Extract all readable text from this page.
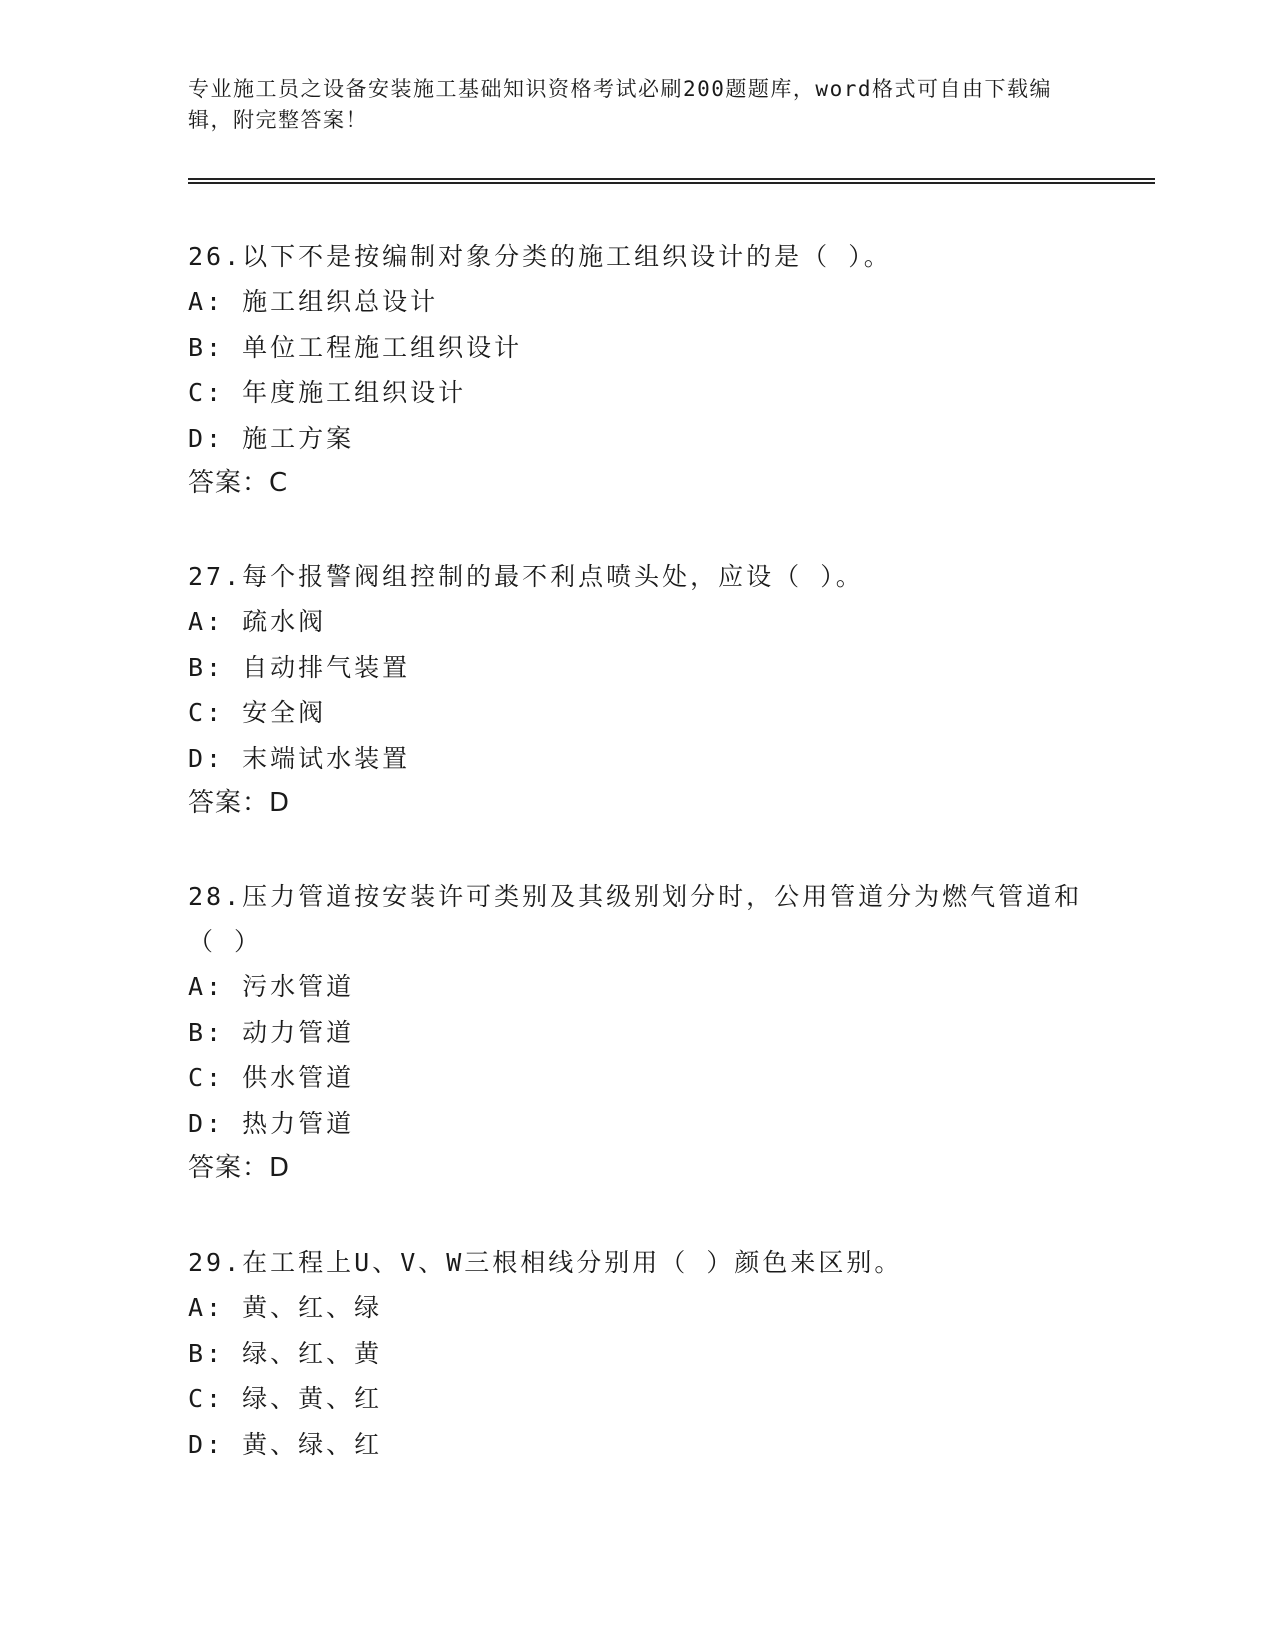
专业施工员之设备安装施工基础知识资格考试必刷200题题库，word格式可自由下载编辑，附完整答案！

26.以下不是按编制对象分类的施工组织设计的是（ ）。

A: 施工组织总设计

B: 单位工程施工组织设计

C: 年度施工组织设计

D: 施工方案

答案：C

27.每个报警阀组控制的最不利点喷头处，应设（ ）。

A: 疏水阀

B: 自动排气装置

C: 安全阀

D: 末端试水装置

答案：D

28.压力管道按安装许可类别及其级别划分时，公用管道分为燃气管道和（ ）

A: 污水管道

B: 动力管道

C: 供水管道

D: 热力管道

答案：D

29.在工程上U、V、W三根相线分别用（ ）颜色来区别。

A: 黄、红、绿

B: 绿、红、黄

C: 绿、黄、红

D: 黄、绿、红
